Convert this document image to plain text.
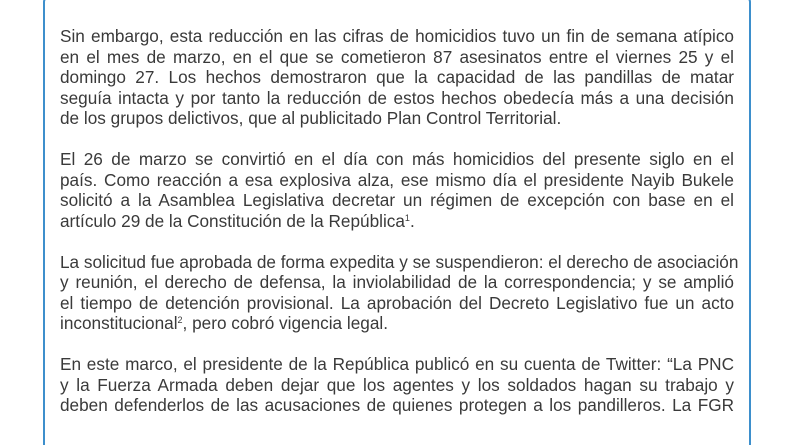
Sin embargo, esta reducción en las cifras de homicidios tuvo un fin de semana atípico
en el mes de marzo, en el que se cometieron 87 asesinatos entre el viernes 25 y el
domingo 27. Los hechos demostraron que la capacidad de las pandillas de matar
seguía intacta y por tanto la reducción de estos hechos obedecía más a una decisión
de los grupos delictivos, que al publicitado Plan Control Territorial.

El 26 de marzo se convirtió en el día con más homicidios del presente siglo en el
país. Como reacción a esa explosiva alza, ese mismo día el presidente Nayib Bukele
solicitó a la Asamblea Legislativa decretar un régimen de excepción con base en el
artículo 29 de la Constitución de la República$^1$.

La solicitud fue aprobada de forma expedita y se suspendieron: el derecho de asociación
y reunión, el derecho de defensa, la inviolabilidad de la correspondencia; y se amplió
el tiempo de detención provisional. La aprobación del Decreto Legislativo fue un acto
inconstitucional$^2$, pero cobró vigencia legal.

En este marco, el presidente de la República publicó en su cuenta de Twitter: “La PNC
y la Fuerza Armada deben dejar que los agentes y los soldados hagan su trabajo y
deben defenderlos de las acusaciones de quienes protegen a los pandilleros. La FGR
